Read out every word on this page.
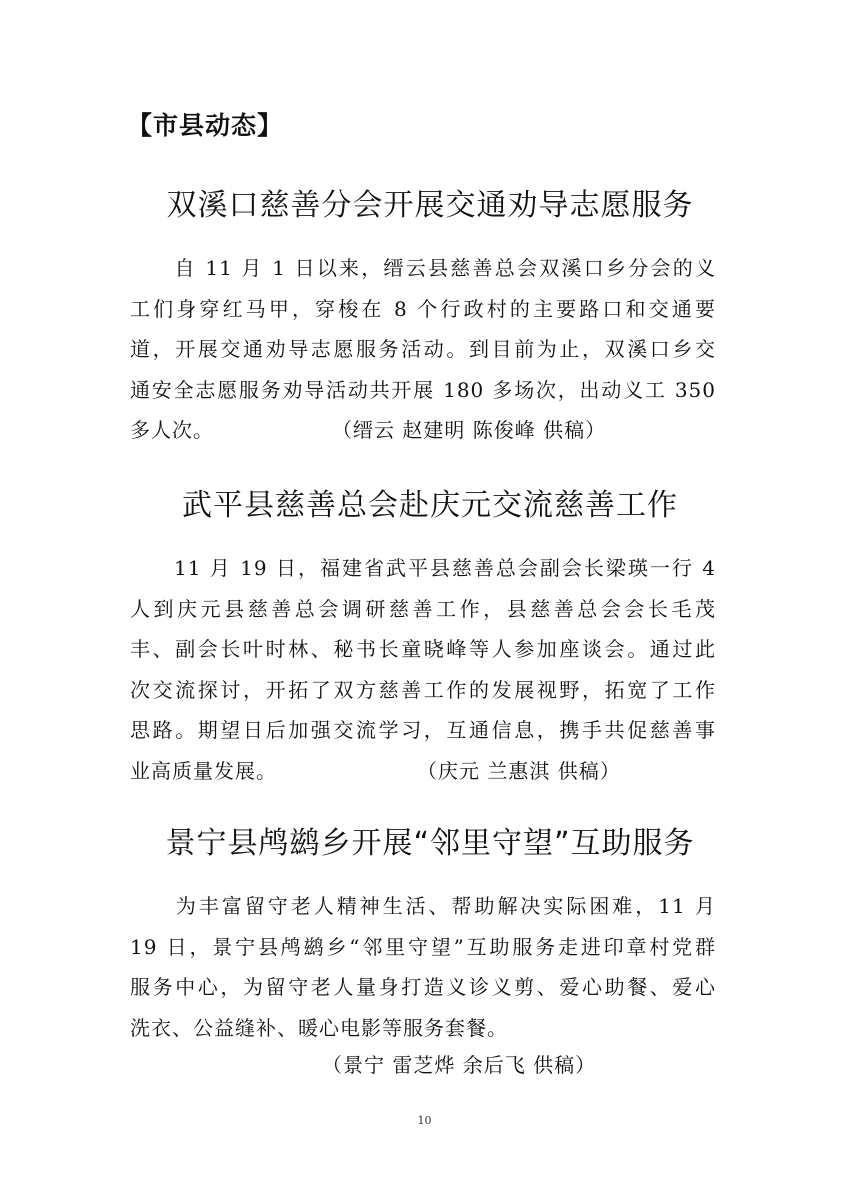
【市县动态】
双溪口慈善分会开展交通劝导志愿服务
　　自 11 月 1 日以来，缙云县慈善总会双溪口乡分会的义
工们身穿红马甲，穿梭在 8 个行政村的主要路口和交通要
道，开展交通劝导志愿服务活动。到目前为止，双溪口乡交
通安全志愿服务劝导活动共开展 180 多场次，出动义工 350
多人次。	（缙云 赵建明 陈俊峰 供稿）
武平县慈善总会赴庆元交流慈善工作
　　11 月 19 日，福建省武平县慈善总会副会长梁瑛一行 4
人到庆元县慈善总会调研慈善工作，县慈善总会会长毛茂
丰、副会长叶时林、秘书长童晓峰等人参加座谈会。通过此
次交流探讨，开拓了双方慈善工作的发展视野，拓宽了工作
思路。期望日后加强交流学习，互通信息，携手共促慈善事
业高质量发展。	（庆元 兰惠淇 供稿）
景宁县鸬鹚乡开展“邻里守望”互助服务
　　为丰富留守老人精神生活、帮助解决实际困难，11 月
19 日，景宁县鸬鹚乡“邻里守望”互助服务走进印章村党群
服务中心，为留守老人量身打造义诊义剪、爱心助餐、爱心
洗衣、公益缝补、暖心电影等服务套餐。
（景宁 雷芝烨 余后飞 供稿）
10
